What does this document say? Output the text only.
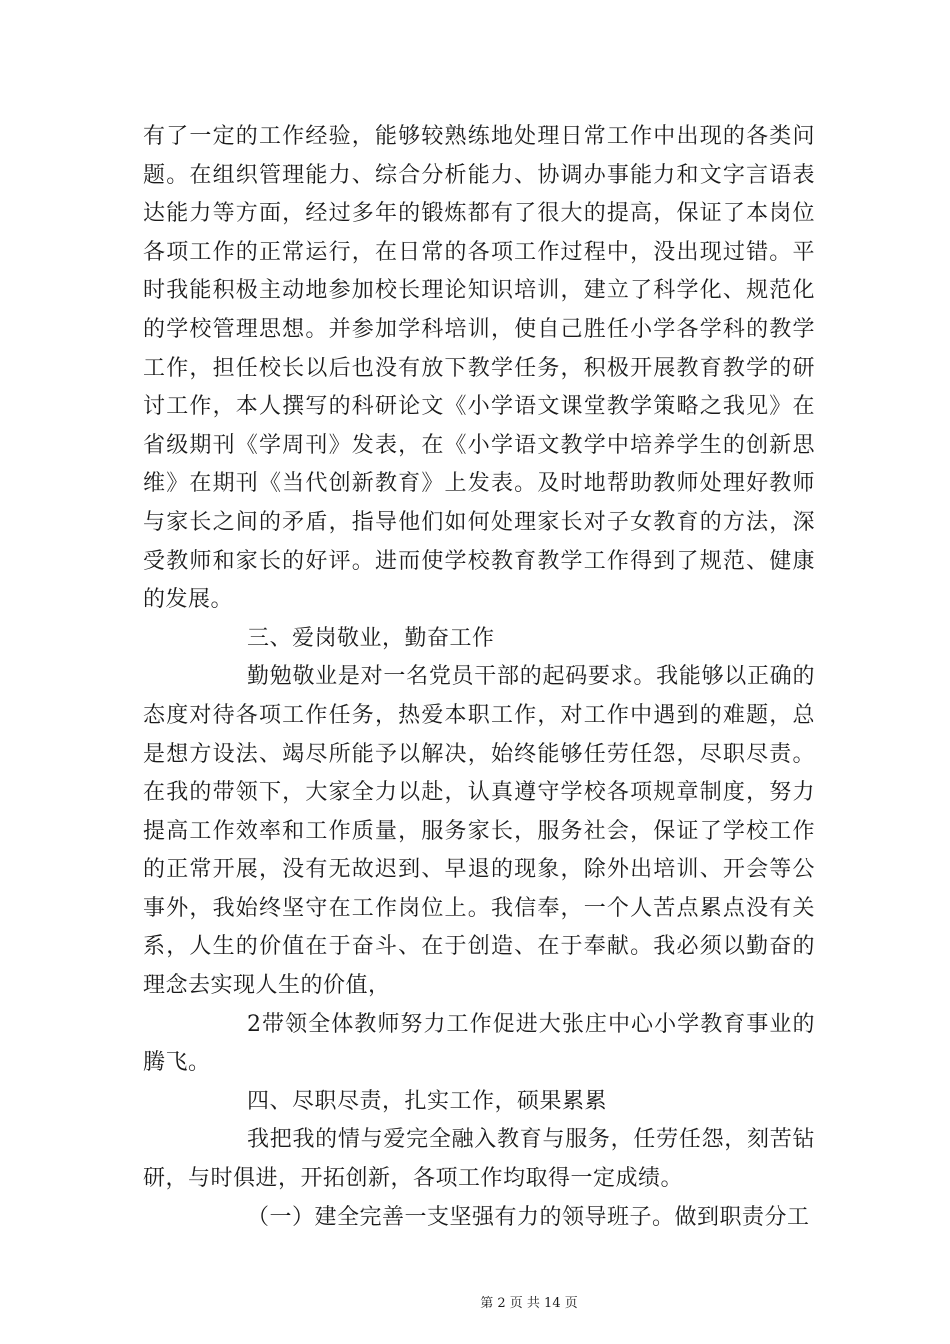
有了一定的工作经验，能够较熟练地处理日常工作中出现的各类问题。在组织管理能力、综合分析能力、协调办事能力和文字言语表达能力等方面，经过多年的锻炼都有了很大的提高，保证了本岗位各项工作的正常运行，在日常的各项工作过程中，没出现过错。平时我能积极主动地参加校长理论知识培训，建立了科学化、规范化的学校管理思想。并参加学科培训，使自己胜任小学各学科的教学工作，担任校长以后也没有放下教学任务，积极开展教育教学的研讨工作，本人撰写的科研论文《小学语文课堂教学策略之我见》在省级期刊《学周刊》发表，在《小学语文教学中培养学生的创新思维》在期刊《当代创新教育》上发表。及时地帮助教师处理好教师与家长之间的矛盾，指导他们如何处理家长对子女教育的方法，深受教师和家长的好评。进而使学校教育教学工作得到了规范、健康的发展。

三、爱岗敬业，勤奋工作

勤勉敬业是对一名党员干部的起码要求。我能够以正确的态度对待各项工作任务，热爱本职工作，对工作中遇到的难题，总是想方设法、竭尽所能予以解决，始终能够任劳任怨，尽职尽责。在我的带领下，大家全力以赴，认真遵守学校各项规章制度，努力提高工作效率和工作质量，服务家长，服务社会，保证了学校工作的正常开展，没有无故迟到、早退的现象，除外出培训、开会等公事外，我始终坚守在工作岗位上。我信奉，一个人苦点累点没有关系，人生的价值在于奋斗、在于创造、在于奉献。我必须以勤奋的理念去实现人生的价值，

2带领全体教师努力工作促进大张庄中心小学教育事业的腾飞。

四、尽职尽责，扎实工作，硕果累累

我把我的情与爱完全融入教育与服务，任劳任怨，刻苦钻研，与时俱进，开拓创新，各项工作均取得一定成绩。

（一）建全完善一支坚强有力的领导班子。做到职责分工

第 2 页 共 14 页
